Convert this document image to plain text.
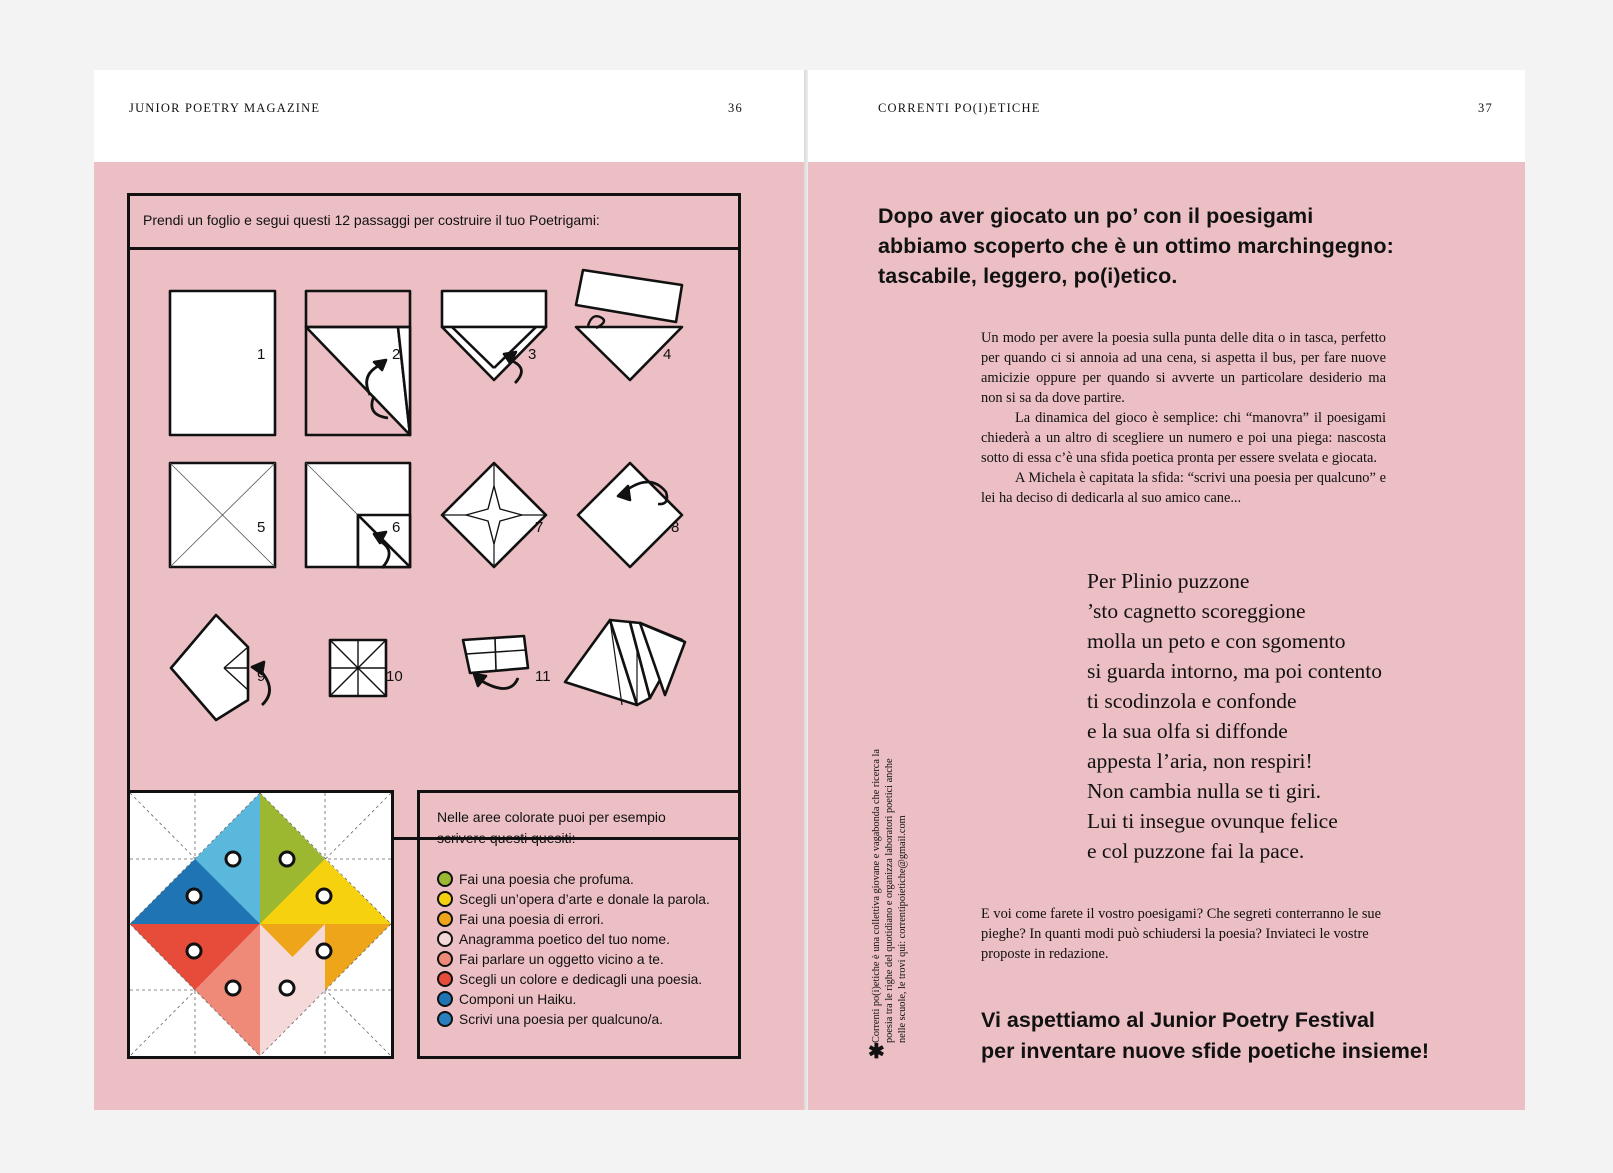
JUNIOR POETRY MAGAZINE	36
Prendi un foglio e segui questi 12 passaggi per costruire il tuo Poetrigami:
1	2	3	4
5	6	7	8
9	10	11
Nelle aree colorate puoi per esempio scrivere questi quesiti:
Fai una poesia che profuma.
Scegli un’opera d’arte e donale la parola.
Fai una poesia di errori.
Anagramma poetico del tuo nome.
Fai parlare un oggetto vicino a te.
Scegli un colore e dedicagli una poesia.
Componi un Haiku.
Scrivi una poesia per qualcuno/a.
CORRENTI PO(I)ETICHE	37
Dopo aver giocato un po’ con il poesigami
abbiamo scoperto che è un ottimo marchingegno:
tascabile, leggero, po(i)etico.

Un modo per avere la poesia sulla punta delle dita o in tasca, perfetto per quando ci si annoia ad una cena, si aspetta il bus, per fare nuove amicizie oppure per quando si avverte un particolare desiderio ma non si sa da dove partire.

La dinamica del gioco è semplice: chi “manovra” il poesigami chiederà a un altro di scegliere un numero e poi una piega: nascosta sotto di essa c’è una sfida poetica pronta per essere svelata e giocata.

A Michela è capitata la sfida: “scrivi una poesia per qualcuno” e lei ha deciso di dedicarla al suo amico cane...

Per Plinio puzzone
’sto cagnetto scoreggione
molla un peto e con sgomento
si guarda intorno, ma poi contento
ti scodinzola e confonde
e la sua olfa si diffonde
appesta l’aria, non respiri!
Non cambia nulla se ti giri.
Lui ti insegue ovunque felice
e col puzzone fai la pace.
E voi come farete il vostro poesigami? Che segreti conterranno le sue pieghe? In quanti modi può schiudersi la poesia? Inviateci le vostre proposte in redazione.
Vi aspettiamo al Junior Poetry Festival
per inventare nuove sfide poetiche insieme!
✱
Correnti po(i)etiche è una collettiva giovane e vagabonda che ricerca la poesia tra le righe del quotidiano e organizza laboratori poetici anche nelle scuole, le trovi qui: correntipoietiche@gmail.com
